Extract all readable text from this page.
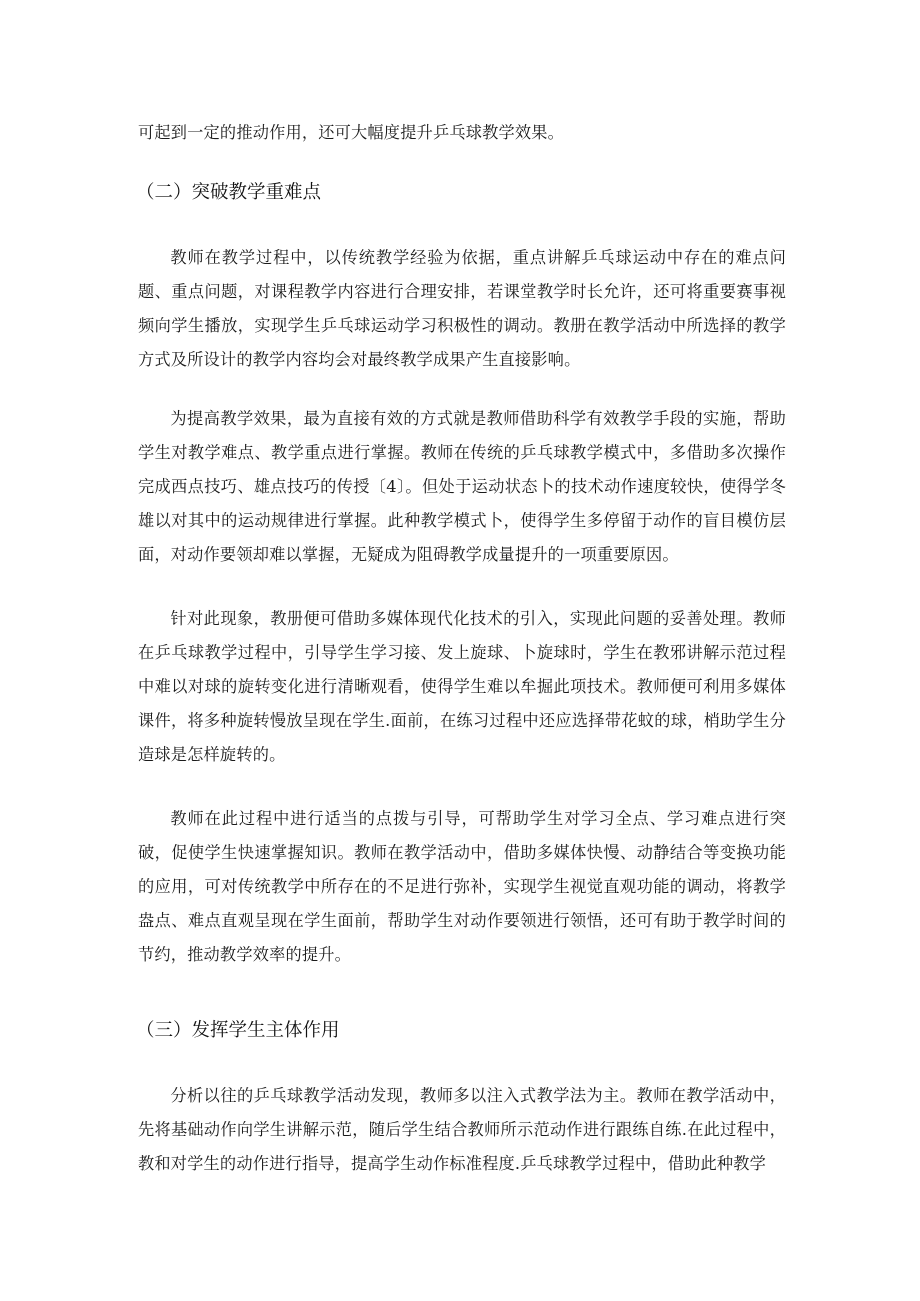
可起到一定的推动作用，还可大幅度提升乒乓球教学效果。

（二）突破教学重难点

教师在教学过程中，以传统教学经验为依据，重点讲解乒乓球运动中存在的难点问题、重点问题，对课程教学内容进行合理安排，若课堂教学时长允许，还可将重要赛事视频向学生播放，实现学生乒乓球运动学习积极性的调动。教册在教学活动中所选择的教学方式及所设计的教学内容均会对最终教学成果产生直接影响。

为提高教学效果，最为直接有效的方式就是教师借助科学有效教学手段的实施，帮助学生对教学难点、教学重点进行掌握。教师在传统的乒乓球教学模式中，多借助多次操作完成西点技巧、雄点技巧的传授〔4〕。但处于运动状态卜的技术动作速度较快，使得学冬雄以对其中的运动规律进行掌握。此种教学模式卜，使得学生多停留于动作的盲目模仿层面，对动作要领却难以掌握，无疑成为阻碍教学成量提升的一项重要原因。

针对此现象，教册便可借助多媒体现代化技术的引入，实现此问题的妥善处理。教师在乒乓球教学过程中，引导学生学习接、发上旋球、卜旋球时，学生在教邪讲解示范过程中难以对球的旋转变化进行清晰观看，使得学生难以牟掘此项技术。教师便可利用多媒体课件，将多种旋转慢放呈现在学生.面前，在练习过程中还应选择带花蚊的球，梢助学生分造球是怎样旋转的。

教师在此过程中进行适当的点拨与引导，可帮助学生对学习全点、学习难点进行突破，促使学生快速掌握知识。教师在教学活动中，借助多媒体快慢、动静结合等变换功能的应用，可对传统教学中所存在的不足进行弥补，实现学生视觉直观功能的调动，将教学盎点、难点直观呈现在学生面前，帮助学生对动作要领进行领悟，还可有助于教学时间的节约，推动教学效率的提升。

（三）发挥学生主体作用

分析以往的乒乓球教学活动发现，教师多以注入式教学法为主。教师在教学活动中，先将基础动作向学生讲解示范，随后学生结合教师所示范动作进行跟练自练.在此过程中，教和对学生的动作进行指导，提高学生动作标准程度.乒乓球教学过程中，借助此种教学
